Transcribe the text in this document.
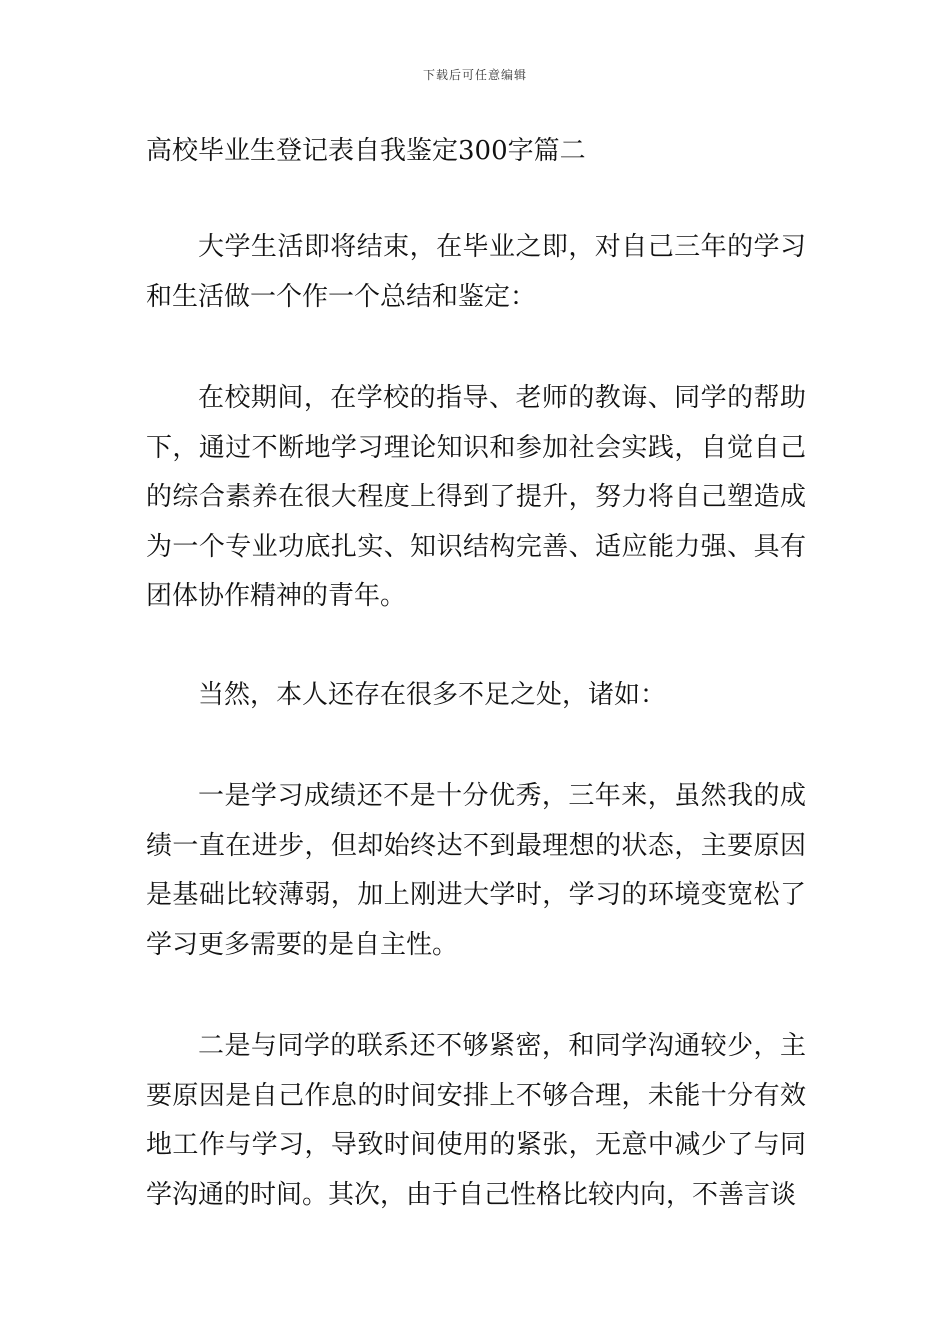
下载后可任意编辑
高校毕业生登记表自我鉴定300字篇二

大学生活即将结束，在毕业之即，对自己三年的学习和生活做一个作一个总结和鉴定：

在校期间，在学校的指导、老师的教诲、同学的帮助下，通过不断地学习理论知识和参加社会实践，自觉自己的综合素养在很大程度上得到了提升，努力将自己塑造成为一个专业功底扎实、知识结构完善、适应能力强、具有团体协作精神的青年。

当然，本人还存在很多不足之处，诸如：

一是学习成绩还不是十分优秀，三年来，虽然我的成绩一直在进步，但却始终达不到最理想的状态，主要原因是基础比较薄弱，加上刚进大学时，学习的环境变宽松了学习更多需要的是自主性。

二是与同学的联系还不够紧密，和同学沟通较少，主要原因是自己作息的时间安排上不够合理，未能十分有效地工作与学习，导致时间使用的紧张，无意中减少了与同学沟通的时间。其次，由于自己性格比较内向，不善言谈
